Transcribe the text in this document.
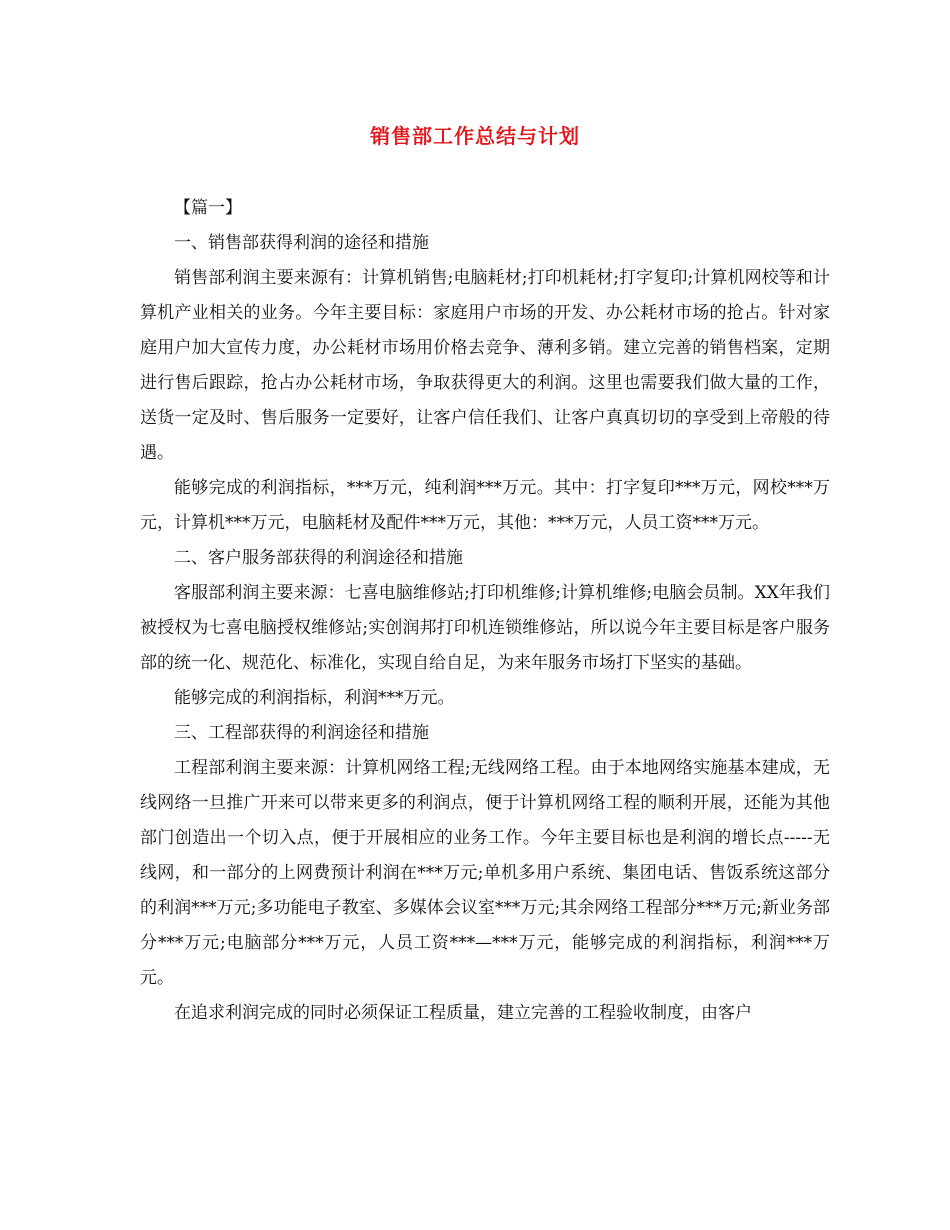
销售部工作总结与计划

【篇一】

一、销售部获得利润的途径和措施

销售部利润主要来源有：计算机销售;电脑耗材;打印机耗材;打字复印;计算机网校等和计算机产业相关的业务。今年主要目标：家庭用户市场的开发、办公耗材市场的抢占。针对家庭用户加大宣传力度，办公耗材市场用价格去竞争、薄利多销。建立完善的销售档案，定期进行售后跟踪，抢占办公耗材市场，争取获得更大的利润。这里也需要我们做大量的工作，送货一定及时、售后服务一定要好，让客户信任我们、让客户真真切切的享受到上帝般的待遇。

能够完成的利润指标，***万元，纯利润***万元。其中：打字复印***万元，网校***万元，计算机***万元，电脑耗材及配件***万元，其他：***万元，人员工资***万元。

二、客户服务部获得的利润途径和措施

客服部利润主要来源：七喜电脑维修站;打印机维修;计算机维修;电脑会员制。XX年我们被授权为七喜电脑授权维修站;实创润邦打印机连锁维修站，所以说今年主要目标是客户服务部的统一化、规范化、标准化，实现自给自足，为来年服务市场打下坚实的基础。

能够完成的利润指标，利润***万元。

三、工程部获得的利润途径和措施

工程部利润主要来源：计算机网络工程;无线网络工程。由于本地网络实施基本建成，无线网络一旦推广开来可以带来更多的利润点，便于计算机网络工程的顺利开展，还能为其他部门创造出一个切入点，便于开展相应的业务工作。今年主要目标也是利润的增长点-----无线网，和一部分的上网费预计利润在***万元;单机多用户系统、集团电话、售饭系统这部分的利润***万元;多功能电子教室、多媒体会议室***万元;其余网络工程部分***万元;新业务部分***万元;电脑部分***万元，人员工资***—***万元，能够完成的利润指标，利润***万元。

在追求利润完成的同时必须保证工程质量，建立完善的工程验收制度，由客户
